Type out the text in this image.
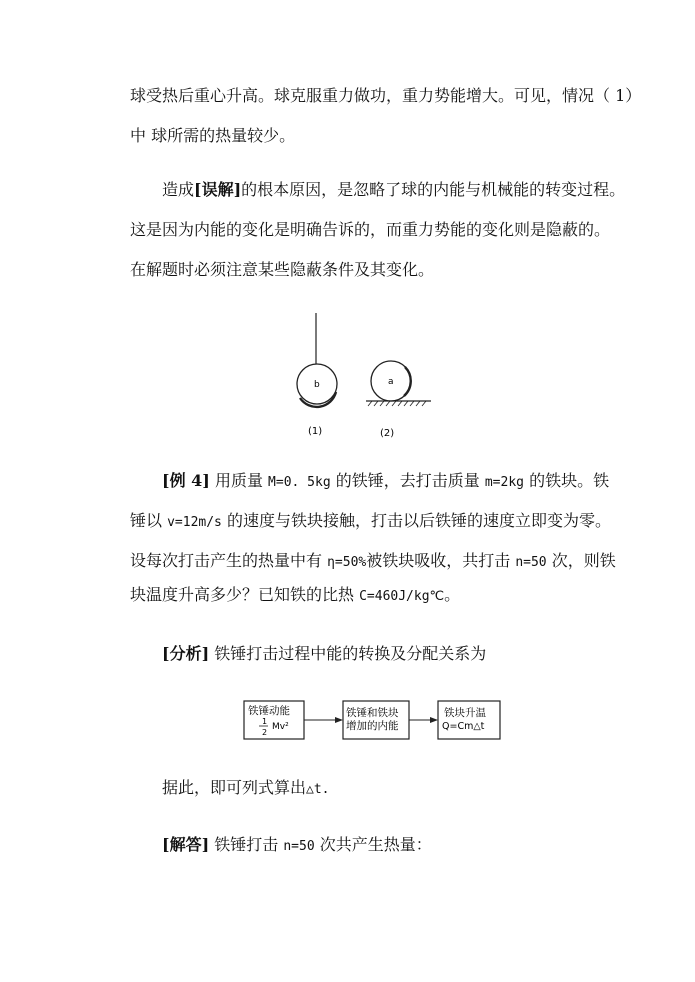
球受热后重心升高。球克服重力做功，重力势能增大。可见，情况（ 1）
中 球所需的热量较少。
造成[误解]的根本原因，是忽略了球的内能与机械能的转变过程。
这是因为内能的变化是明确告诉的，而重力势能的变化则是隐蔽的。
在解题时必须注意某些隐蔽条件及其变化。
b	a
(1)	(2)
[例 4] 用质量 M=0. 5kg 的铁锤，去打击质量 m=2kg 的铁块。铁
锤以 v=12m/s 的速度与铁块接触，打击以后铁锤的速度立即变为零。
设每次打击产生的热量中有 η=50%被铁块吸收，共打击 n=50 次，则铁
块温度升高多少？已知铁的比热 C=460J/kg℃。
[分析] 铁锤打击过程中能的转换及分配关系为
铁锤动能
1
2
Mv²
铁锤和铁块
增加的内能
铁块升温
Q=Cm△t
据此，即可列式算出△t.
[解答] 铁锤打击 n=50 次共产生热量：
